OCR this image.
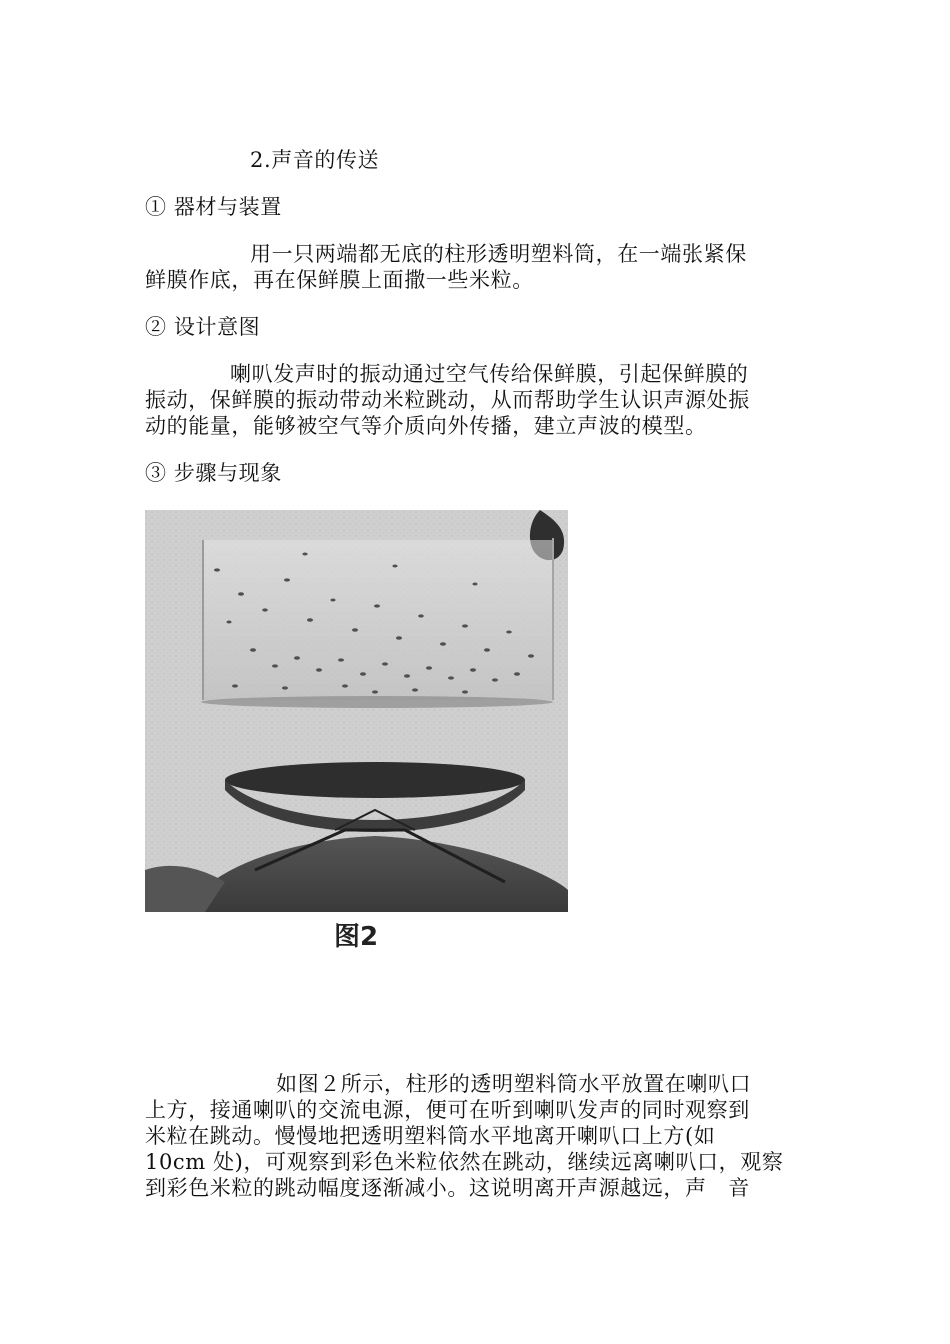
2.声音的传送

① 器材与装置

用一只两端都无底的柱形透明塑料筒，在一端张紧保

鲜膜作底，再在保鲜膜上面撒一些米粒。

② 设计意图

喇叭发声时的振动通过空气传给保鲜膜，引起保鲜膜的

振动，保鲜膜的振动带动米粒跳动，从而帮助学生认识声源处振

动的能量，能够被空气等介质向外传播，建立声波的模型。

③ 步骤与现象

图2

如图２所示，柱形的透明塑料筒水平放置在喇叭口

上方，接通喇叭的交流电源，便可在听到喇叭发声的同时观察到

米粒在跳动。慢慢地把透明塑料筒水平地离开喇叭口上方(如

10cm 处)，可观察到彩色米粒依然在跳动，继续远离喇叭口，观察

到彩色米粒的跳动幅度逐渐减小。这说明离开声源越远，声　音
